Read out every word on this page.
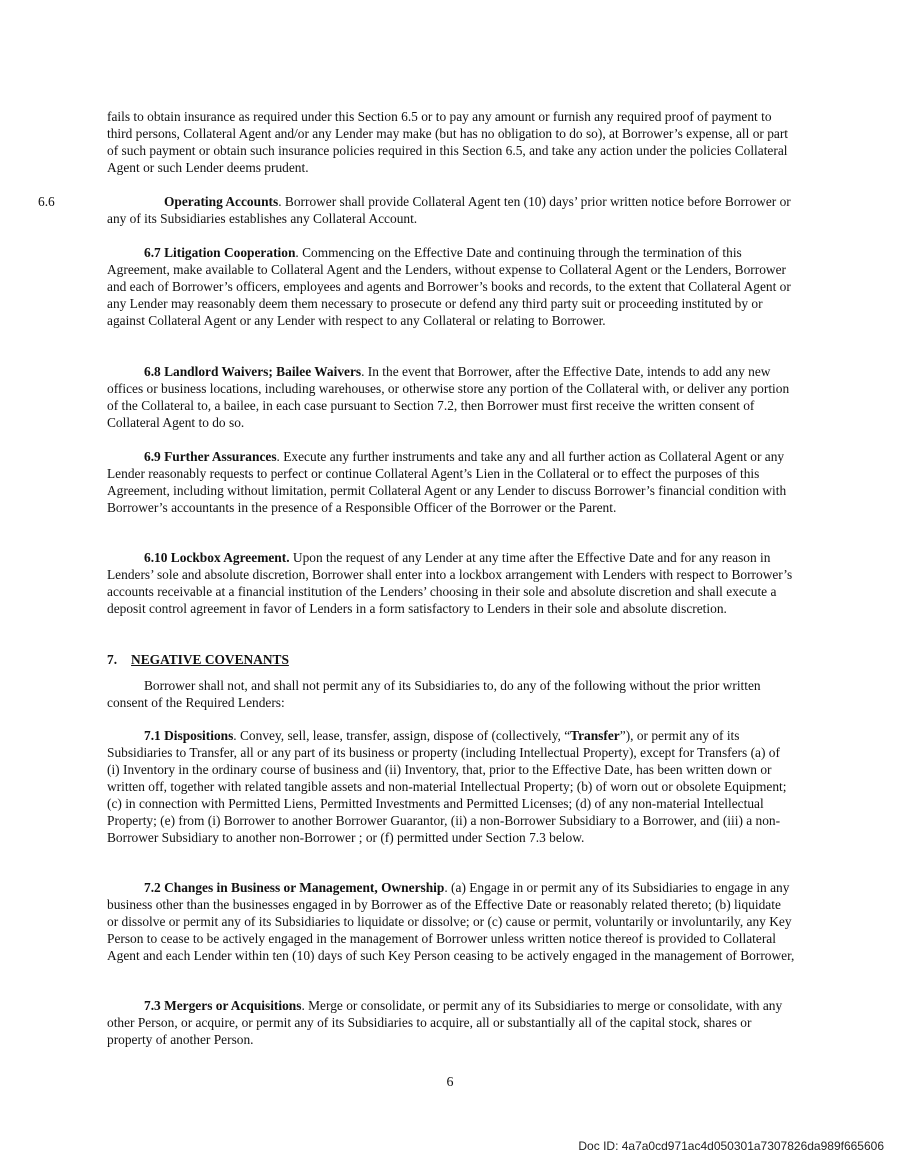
fails to obtain insurance as required under this Section 6.5 or to pay any amount or furnish any required proof of payment to third persons, Collateral Agent and/or any Lender may make (but has no obligation to do so), at Borrower’s expense, all or part of such payment or obtain such insurance policies required in this Section 6.5, and take any action under the policies Collateral Agent or such Lender deems prudent.

6.6	Operating Accounts. Borrower shall provide Collateral Agent ten (10) days’ prior written notice before Borrower or any of its Subsidiaries establishes any Collateral Account.

6.7 Litigation Cooperation. Commencing on the Effective Date and continuing through the termination of this Agreement, make available to Collateral Agent and the Lenders, without expense to Collateral Agent or the Lenders, Borrower and each of Borrower’s officers, employees and agents and Borrower’s books and records, to the extent that Collateral Agent or any Lender may reasonably deem them necessary to prosecute or defend any third party suit or proceeding instituted by or against Collateral Agent or any Lender with respect to any Collateral or relating to Borrower.

6.8 Landlord Waivers; Bailee Waivers. In the event that Borrower, after the Effective Date, intends to add any new offices or business locations, including warehouses, or otherwise store any portion of the Collateral with, or deliver any portion of the Collateral to, a bailee, in each case pursuant to Section 7.2, then Borrower must first receive the written consent of Collateral Agent to do so.

6.9 Further Assurances. Execute any further instruments and take any and all further action as Collateral Agent or any Lender reasonably requests to perfect or continue Collateral Agent’s Lien in the Collateral or to effect the purposes of this Agreement, including without limitation, permit Collateral Agent or any Lender to discuss Borrower’s financial condition with Borrower’s accountants in the presence of a Responsible Officer of the Borrower or the Parent.

6.10 Lockbox Agreement. Upon the request of any Lender at any time after the Effective Date and for any reason in Lenders’ sole and absolute discretion, Borrower shall enter into a lockbox arrangement with Lenders with respect to Borrower’s accounts receivable at a financial institution of the Lenders’ choosing in their sole and absolute discretion and shall execute a deposit control agreement in favor of Lenders in a form satisfactory to Lenders in their sole and absolute discretion.

7. NEGATIVE COVENANTS

Borrower shall not, and shall not permit any of its Subsidiaries to, do any of the following without the prior written consent of the Required Lenders:

7.1 Dispositions. Convey, sell, lease, transfer, assign, dispose of (collectively, “Transfer”), or permit any of its Subsidiaries to Transfer, all or any part of its business or property (including Intellectual Property), except for Transfers (a) of (i) Inventory in the ordinary course of business and (ii) Inventory, that, prior to the Effective Date, has been written down or written off, together with related tangible assets and non-material Intellectual Property; (b) of worn out or obsolete Equipment; (c) in connection with Permitted Liens, Permitted Investments and Permitted Licenses; (d) of any non-material Intellectual Property; (e) from (i) Borrower to another Borrower Guarantor, (ii) a non-Borrower Subsidiary to a Borrower, and (iii) a non-Borrower Subsidiary to another non-Borrower ; or (f) permitted under Section 7.3 below.

7.2 Changes in Business or Management, Ownership. (a) Engage in or permit any of its Subsidiaries to engage in any business other than the businesses engaged in by Borrower as of the Effective Date or reasonably related thereto; (b) liquidate or dissolve or permit any of its Subsidiaries to liquidate or dissolve; or (c) cause or permit, voluntarily or involuntarily, any Key Person to cease to be actively engaged in the management of Borrower unless written notice thereof is provided to Collateral Agent and each Lender within ten (10) days of such Key Person ceasing to be actively engaged in the management of Borrower,

7.3 Mergers or Acquisitions. Merge or consolidate, or permit any of its Subsidiaries to merge or consolidate, with any other Person, or acquire, or permit any of its Subsidiaries to acquire, all or substantially all of the capital stock, shares or property of another Person.

6
Doc ID: 4a7a0cd971ac4d050301a7307826da989f665606
